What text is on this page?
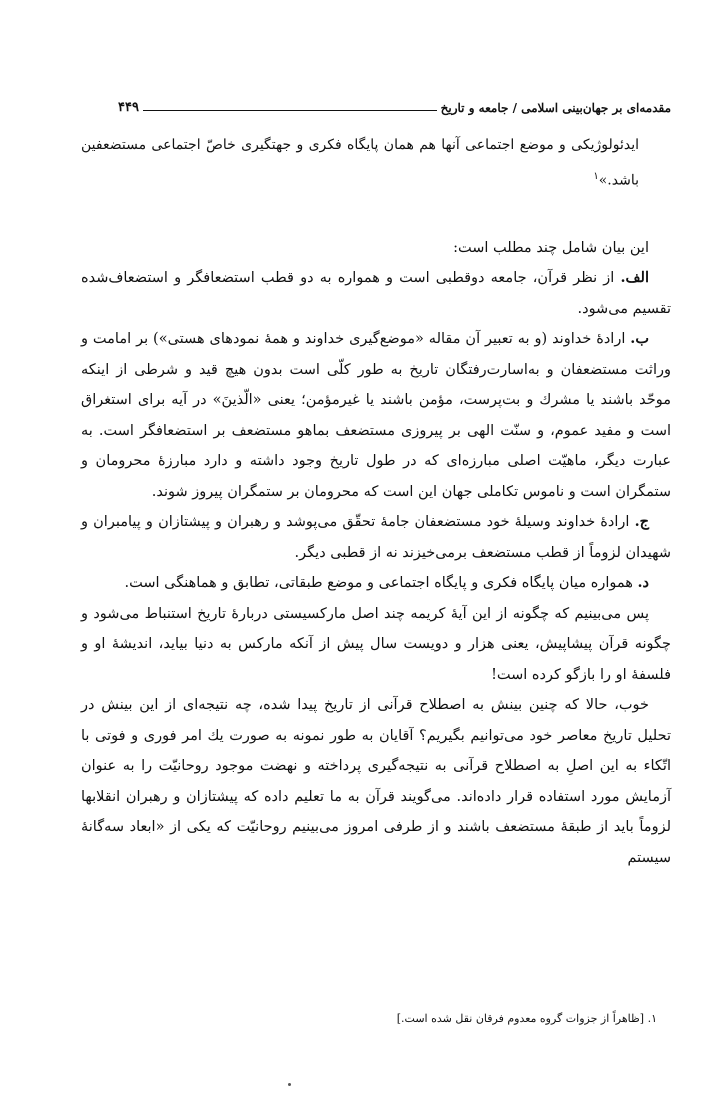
مقدمه‌ای بر جهان‌بینی اسلامی / جامعه و تاریخ
۴۴۹

ایدئولوژیکی و موضع اجتماعی آنها هم همان پایگاه فکری و جهتگیری خاصّ اجتماعی مستضعفین باشد.»$^۱$

این بیان شامل چند مطلب است:

الف. از نظر قرآن، جامعه دوقطبی است و همواره به دو قطب استضعافگر و استضعاف‌شده تقسیم می‌شود.

ب. ارادهٔ خداوند (و به تعبیر آن مقاله «موضع‌گیری خداوند و همهٔ نمودهای هستی») بر امامت و وراثت مستضعفان و به‌اسارت‌رفتگان تاریخ به طور کلّی است بدون هیچ قید و شرطی از اینکه موحّد باشند یا مشرك و بت‌پرست، مؤمن باشند یا غیرمؤمن؛ یعنی «الّذینَ» در آیه برای استغراق است و مفید عموم، و سنّت الهی بر پیروزی مستضعف بماهو مستضعف بر استضعافگر است. به عبارت دیگر، ماهیّت اصلی مبارزه‌ای که در طول تاریخ وجود داشته و دارد مبارزهٔ محرومان و ستمگران است و ناموس تکاملی جهان این است که محرومان بر ستمگران پیروز شوند.

ج. ارادهٔ خداوند وسیلهٔ خود مستضعفان جامهٔ تحقّق می‌پوشد و رهبران و پیشتازان و پیامبران و شهیدان لزوماً از قطب مستضعف برمی‌خیزند نه از قطبی دیگر.

د. همواره میان پایگاه فکری و پایگاه اجتماعی و موضع طبقاتی، تطابق و هماهنگی است.

پس می‌بینیم که چگونه از این آیهٔ کریمه چند اصل مارکسیستی دربارهٔ تاریخ استنباط می‌شود و چگونه قرآن پیشاپیش، یعنی هزار و دویست سال پیش از آنکه مارکس به دنیا بیاید، اندیشهٔ او و فلسفهٔ او را بازگو کرده است!

خوب، حالا که چنین بینش به اصطلاح قرآنی از تاریخ پیدا شده، چه نتیجه‌ای از این بینش در تحلیل تاریخ معاصر خود می‌توانیم بگیریم؟ آقایان به طور نمونه به صورت يك امر فوری و فوتی با اتّکاء به این اصلِ به اصطلاح قرآنی به نتیجه‌گیری پرداخته و نهضت موجود روحانیّت را به عنوان آزمایش مورد استفاده قرار داده‌اند. می‌گویند قرآن به ما تعلیم داده که پیشتازان و رهبران انقلابها لزوماً باید از طبقهٔ مستضعف باشند و از طرفی امروز می‌بینیم روحانیّت که یکی از «ابعاد سه‌گانهٔ سیستم

۱. [ظاهراً از جزوات گروه معدوم فرقان نقل شده است.]
